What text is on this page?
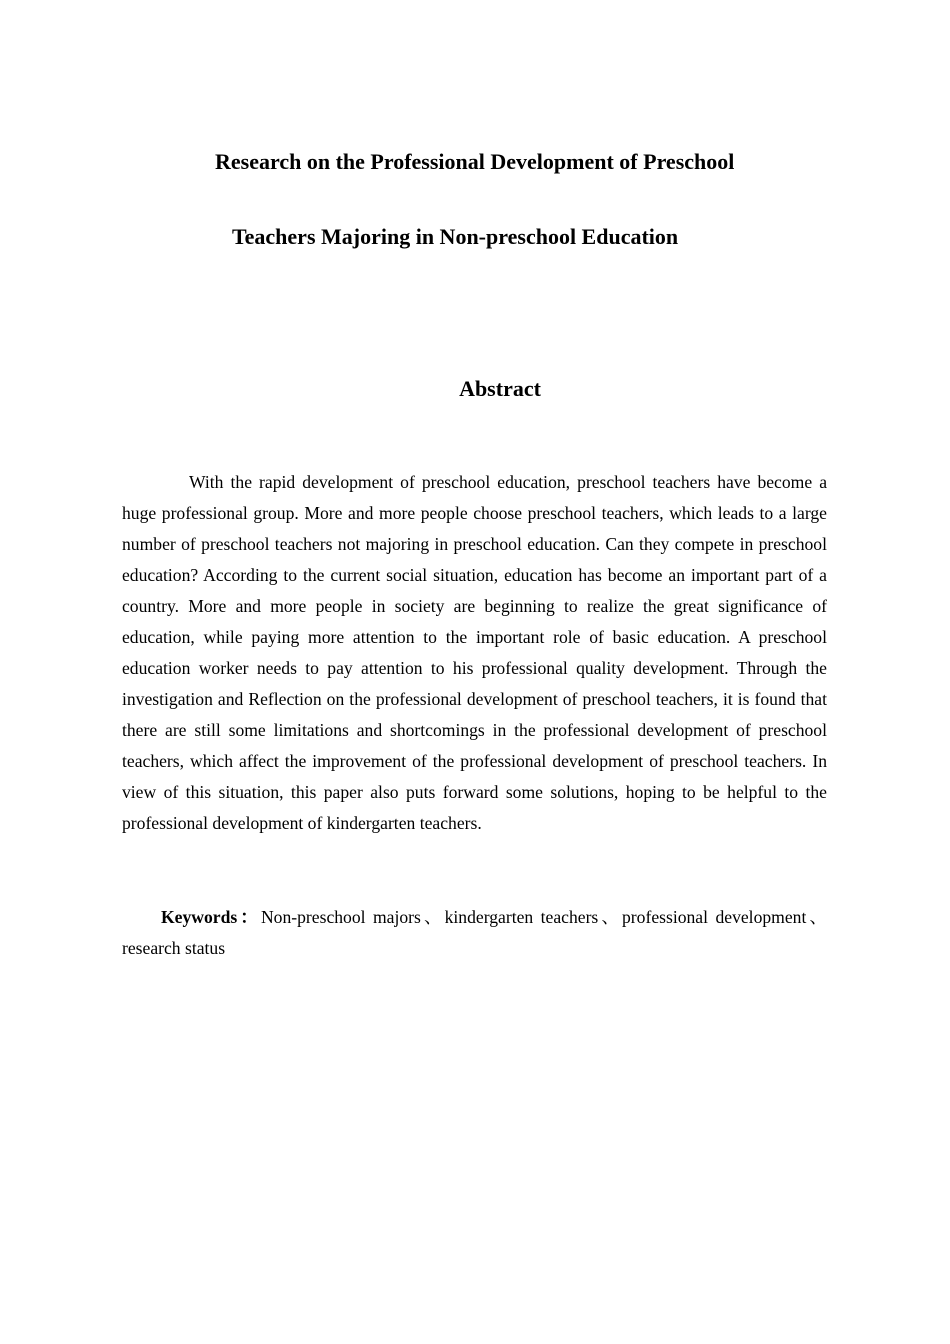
Research on the Professional Development of Preschool
Teachers Majoring in Non-preschool Education
Abstract

With the rapid development of preschool education, preschool teachers have become a huge professional group. More and more people choose preschool teachers, which leads to a large number of preschool teachers not majoring in preschool education. Can they compete in preschool education? According to the current social situation, education has become an important part of a country. More and more people in society are beginning to realize the great significance of education, while paying more attention to the important role of basic education. A preschool education worker needs to pay attention to his professional quality development. Through the investigation and Reflection on the professional development of preschool teachers, it is found that there are still some limitations and shortcomings in the professional development of preschool teachers, which affect the improvement of the professional development of preschool teachers. In view of this situation, this paper also puts forward some solutions, hoping to be helpful to the professional development of kindergarten teachers.

Keywords：Non-preschool majors、kindergarten teachers、professional development、research status
